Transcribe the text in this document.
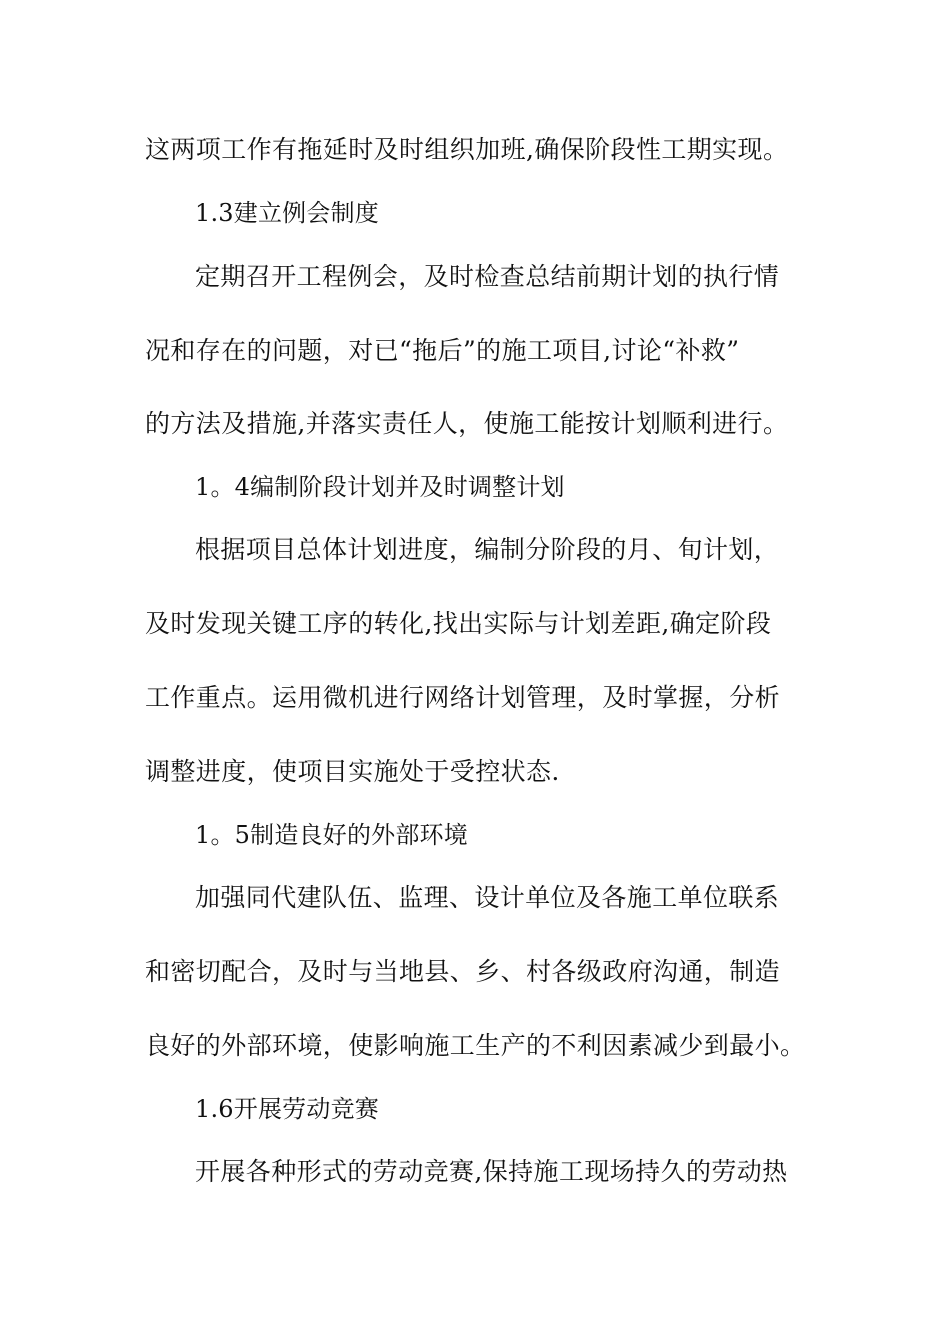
这两项工作有拖延时及时组织加班,确保阶段性工期实现。
1.3建立例会制度
定期召开工程例会，及时检查总结前期计划的执行情
况和存在的问题，对已“拖后”的施工项目,讨论“补救”
的方法及措施,并落实责任人，使施工能按计划顺利进行。
1。4编制阶段计划并及时调整计划
根据项目总体计划进度，编制分阶段的月、旬计划，
及时发现关键工序的转化,找出实际与计划差距,确定阶段
工作重点。运用微机进行网络计划管理，及时掌握，分析
调整进度，使项目实施处于受控状态.
1。5制造良好的外部环境
加强同代建队伍、监理、设计单位及各施工单位联系
和密切配合，及时与当地县、乡、村各级政府沟通，制造
良好的外部环境，使影响施工生产的不利因素减少到最小。
1.6开展劳动竞赛
开展各种形式的劳动竞赛,保持施工现场持久的劳动热
